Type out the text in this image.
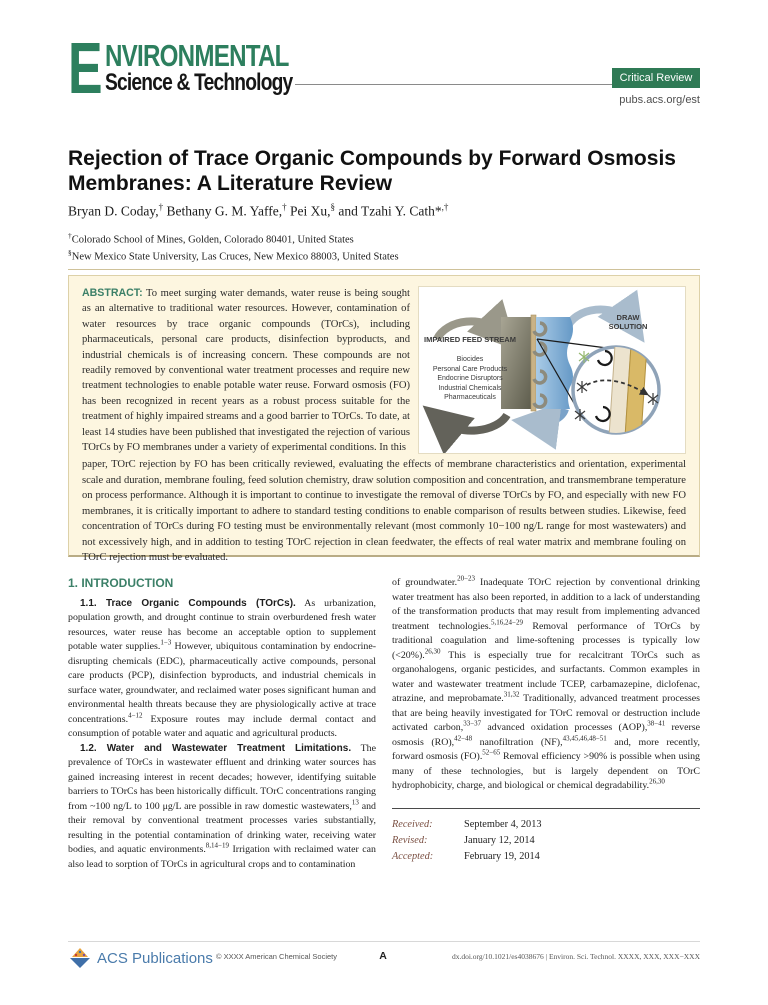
E NVIRONMENTAL
Science & Technology	Critical Review
pubs.acs.org/est
Rejection of Trace Organic Compounds by Forward Osmosis Membranes: A Literature Review
Bryan D. Coday,† Bethany G. M. Yaffe,† Pei Xu,§ and Tzahi Y. Cath*,†
†Colorado School of Mines, Golden, Colorado 80401, United States
§New Mexico State University, Las Cruces, New Mexico 88003, United States
ABSTRACT: To meet surging water demands, water reuse is being sought as an alternative to traditional water resources. However, contamination of water resources by trace organic compounds (TOrCs), including pharmaceuticals, personal care products, disinfection byproducts, and industrial chemicals is of increasing concern. These compounds are not readily removed by conventional water treatment processes and require new treatment technologies to enable potable water reuse. Forward osmosis (FO) has been recognized in recent years as a robust process suitable for the treatment of highly impaired streams and a good barrier to TOrCs. To date, at least 14 studies have been published that investigated the rejection of various TOrCs by FO membranes under a variety of experimental conditions. In this
IMPAIRED FEED STREAM
Biocides
Personal Care Products
Endocrine Disruptors
Industrial Chemicals
Pharmaceuticals
DRAW
SOLUTION
paper, TOrC rejection by FO has been critically reviewed, evaluating the effects of membrane characteristics and orientation, experimental scale and duration, membrane fouling, feed solution chemistry, draw solution composition and concentration, and transmembrane temperature on process performance. Although it is important to continue to investigate the removal of diverse TOrCs by FO, and especially with new FO membranes, it is critically important to adhere to standard testing conditions to enable comparison of results between studies. Likewise, feed concentration of TOrCs during FO testing must be environmentally relevant (most commonly 10−100 ng/L range for most wastewaters) and not excessively high, and in addition to testing TOrC rejection in clean feedwater, the effects of real water matrix and membrane fouling on TOrC rejection must be evaluated.
1. INTRODUCTION

1.1. Trace Organic Compounds (TOrCs). As urbanization, population growth, and drought continue to strain overburdened fresh water resources, water reuse has become an acceptable option to supplement potable water supplies.$^{1-3}$ However, ubiquitous contamination by endocrine-disrupting chemicals (EDC), pharmaceutically active compounds, personal care products (PCP), disinfection byproducts, and industrial chemicals in surface water, groundwater, and reclaimed water poses significant human and environmental health threats because they are physiologically active at trace concentrations.$^{4-12}$ Exposure routes may include dermal contact and consumption of potable water and aquatic and agricultural products.

1.2. Water and Wastewater Treatment Limitations. The prevalence of TOrCs in wastewater effluent and drinking water sources has gained increasing interest in recent decades; however, identifying suitable barriers to TOrCs has been historically difficult. TOrC concentrations ranging from ~100 ng/L to 100 μg/L are possible in raw domestic wastewaters,$^{13}$ and their removal by conventional treatment processes varies substantially, resulting in the potential contamination of drinking water, receiving water bodies, and aquatic environments.$^{8,14-19}$ Irrigation with reclaimed water can also lead to sorption of TOrCs in agricultural crops and to contamination

of groundwater.$^{20-23}$ Inadequate TOrC rejection by conventional drinking water treatment has also been reported, in addition to a lack of understanding of the transformation products that may result from implementing advanced treatment technologies.$^{5,16,24-29}$ Removal performance of TOrCs by traditional coagulation and lime-softening processes is typically low (<20%).$^{26,30}$ This is especially true for recalcitrant TOrCs such as organohalogens, organic pesticides, and surfactants. Common examples in water and wastewater treatment include TCEP, carbamazepine, diclofenac, atrazine, and meprobamate.$^{31,32}$ Traditionally, advanced treatment processes that are being heavily investigated for TOrC removal or destruction include activated carbon,$^{33-37}$ advanced oxidation processes (AOP),$^{38-41}$ reverse osmosis (RO),$^{42-48}$ nanofiltration (NF),$^{43,45,46,48-51}$ and, more recently, forward osmosis (FO).$^{52-65}$ Removal efficiency >90% is possible when using many of these technologies, but is largely dependent on TOrC hydrophobicity, charge, and biological or chemical degradability.$^{26,30}$

Received:	September 4, 2013
Revised:	January 12, 2014
Accepted:	February 19, 2014
ACS Publications © XXXX American Chemical Society	A	dx.doi.org/10.1021/es4038676 | Environ. Sci. Technol. XXXX, XXX, XXX−XXX
